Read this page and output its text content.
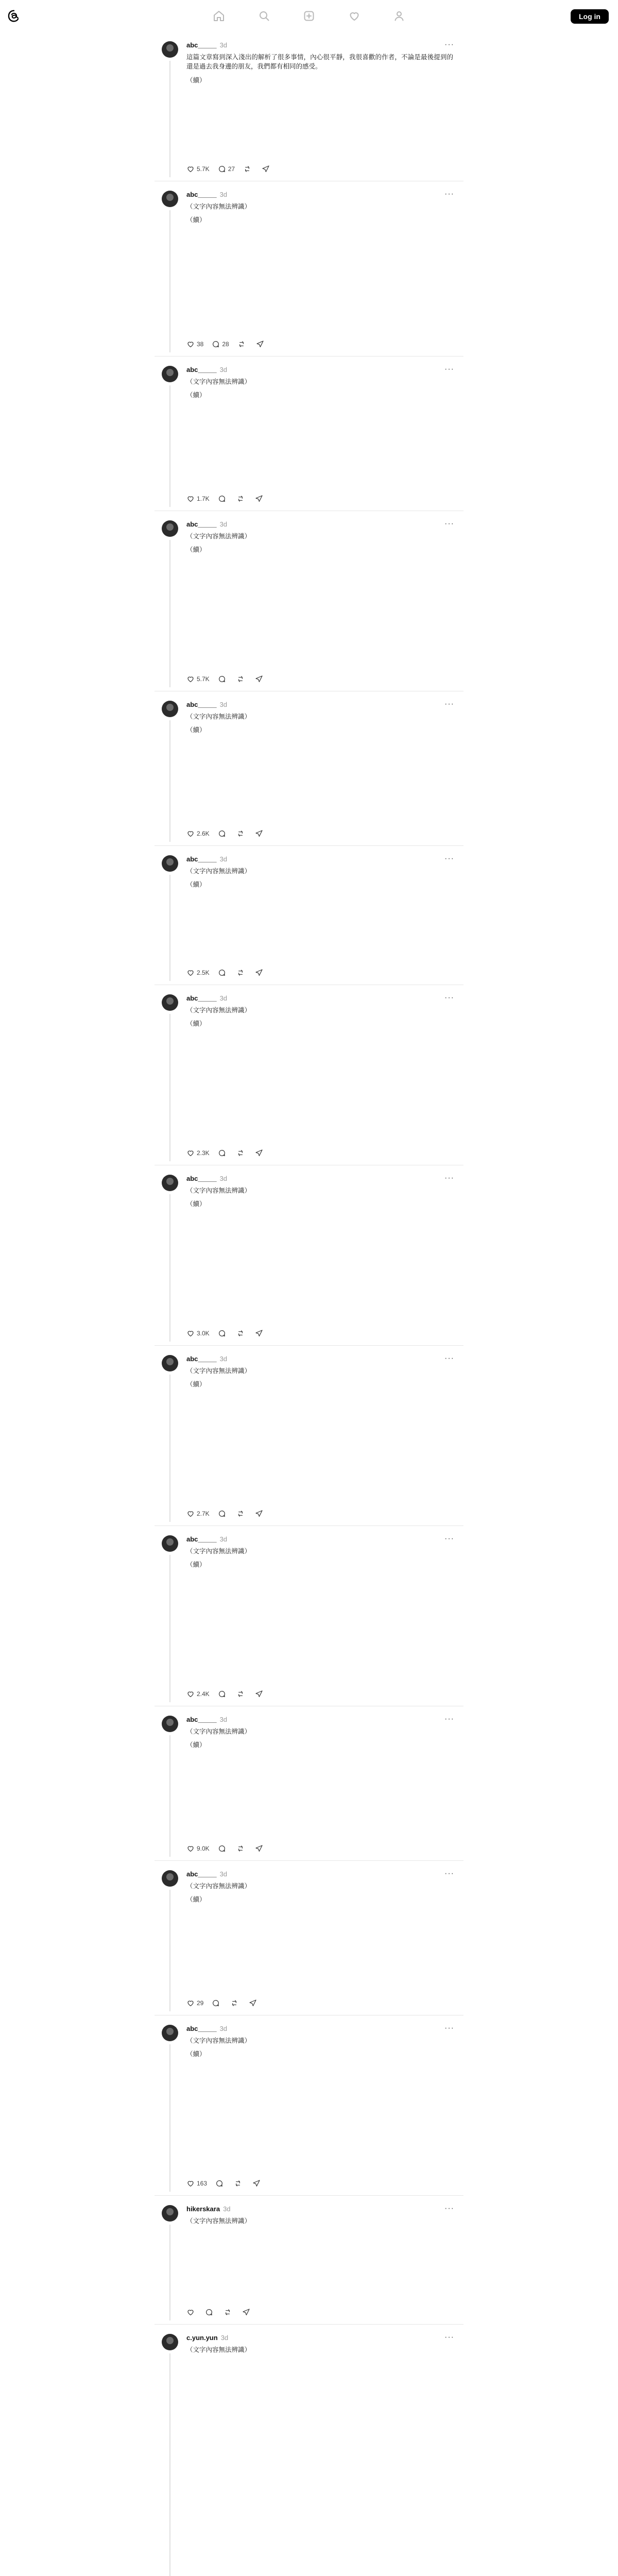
Log in
abc_____ 3d	···

這篇文章寫到深入淺出的解析了很多事情，內心很平靜，我很喜歡的作者，不論是最後提到的還是過去我身邊的朋友，我們都有相同的感受。

（續）

5.7K	27
abc_____ 3d	···

（文字內容無法辨識）

（續）

38	28
abc_____ 3d	···

（文字內容無法辨識）

（續）

1.7K
abc_____ 3d	···

（文字內容無法辨識）

（續）

5.7K
abc_____ 3d	···

（文字內容無法辨識）

（續）

2.6K
abc_____ 3d	···

（文字內容無法辨識）

（續）

2.5K
abc_____ 3d	···

（文字內容無法辨識）

（續）

2.3K
abc_____ 3d	···

（文字內容無法辨識）

（續）

3.0K
abc_____ 3d	···

（文字內容無法辨識）

（續）

2.7K
abc_____ 3d	···

（文字內容無法辨識）

（續）

2.4K
abc_____ 3d	···

（文字內容無法辨識）

（續）

9.0K
abc_____ 3d	···

（文字內容無法辨識）

（續）

29
abc_____ 3d	···

（文字內容無法辨識）

（續）

163
hikerskara 3d	···

（文字內容無法辨識）

c.yun.yun 3d	···

（文字內容無法辨識）
